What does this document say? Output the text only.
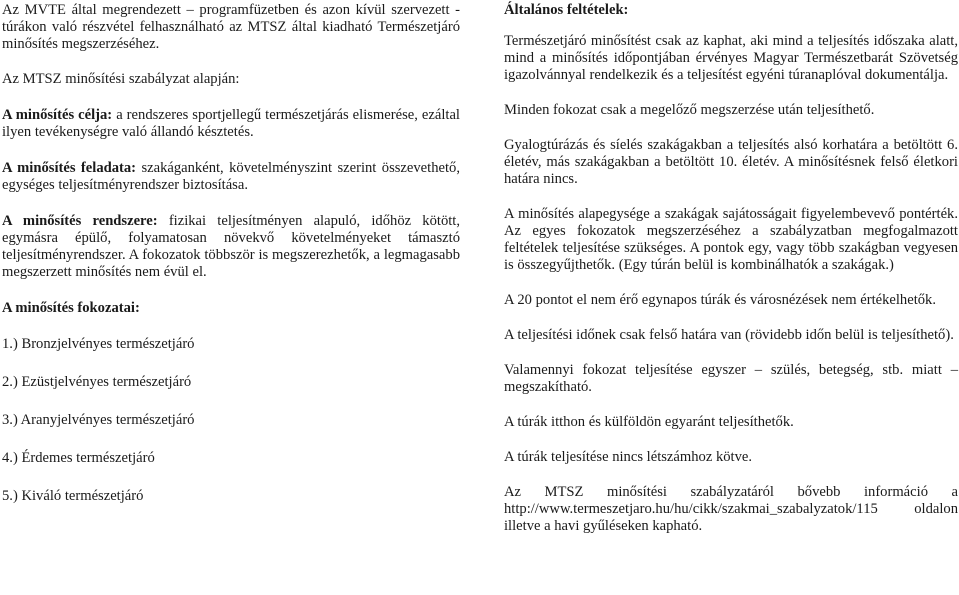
Az MVTE által megrendezett – programfüzetben és azon kívül szervezett - túrákon való részvétel felhasználható az MTSZ által kiadható Természetjáró minősítés megszerzéséhez.

Az MTSZ minősítési szabályzat alapján:

A minősítés célja: a rendszeres sportjellegű természetjárás elismerése, ezáltal ilyen tevékenységre való állandó késztetés.

A minősítés feladata: szakáganként, követelményszint szerint összevethető, egységes teljesítményrendszer biztosítása.

A minősítés rendszere: fizikai teljesítményen alapuló, időhöz kötött, egymásra épülő, folyamatosan növekvő követelményeket támasztó teljesítményrendszer. A fokozatok többször is megszerezhetők, a legmagasabb megszerzett minősítés nem évül el.

A minősítés fokozatai:

1.) Bronzjelvényes természetjáró

2.) Ezüstjelvényes természetjáró

3.) Aranyjelvényes természetjáró

4.) Érdemes természetjáró

5.) Kiváló természetjáró

Általános feltételek:

Természetjáró minősítést csak az kaphat, aki mind a teljesítés időszaka alatt, mind a minősítés időpontjában érvényes Magyar Természetbarát Szövetség igazolvánnyal rendelkezik és a teljesítést egyéni túranaplóval dokumentálja.

Minden fokozat csak a megelőző megszerzése után teljesíthető.

Gyalogtúrázás és síelés szakágakban a teljesítés alsó korhatára a betöltött 6. életév, más szakágakban a betöltött 10. életév. A minősítésnek felső életkori határa nincs.

A minősítés alapegysége a szakágak sajátosságait figyelembevevő pontérték. Az egyes fokozatok megszerzéséhez a szabályzatban megfogalmazott feltételek teljesítése szükséges. A pontok egy, vagy több szakágban vegyesen is összegyűjthetők. (Egy túrán belül is kombinálhatók a szakágak.)

A 20 pontot el nem érő egynapos túrák és városnézések nem értékelhetők.

A teljesítési időnek csak felső határa van (rövidebb időn belül is teljesíthető).

Valamennyi fokozat teljesítése egyszer – szülés, betegség, stb. miatt – megszakítható.

A túrák itthon és külföldön egyaránt teljesíthetők.

A túrák teljesítése nincs létszámhoz kötve.

Az MTSZ minősítési szabályzatáról bővebb információ a http://www.termeszetjaro.hu/hu/cikk/szakmai_szabalyzatok/115 oldalon illetve a havi gyűléseken kapható.
